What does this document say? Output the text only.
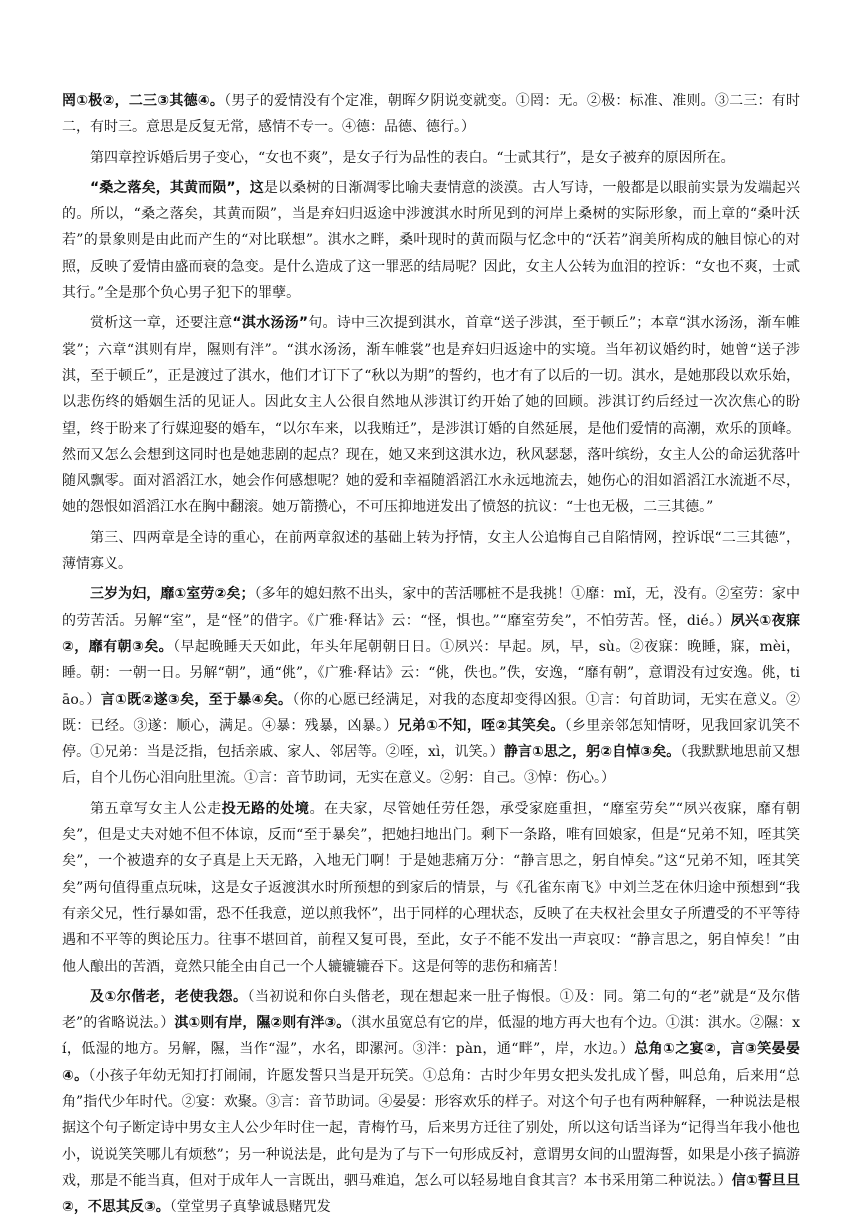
罔①极②，二三③其德④。（男子的爱情没有个定准，朝晖夕阴说变就变。①罔：无。②极：标准、准则。③二三：有时二，有时三。意思是反复无常，感情不专一。④德：品德、德行。）

第四章控诉婚后男子变心，“女也不爽”，是女子行为品性的表白。“士贰其行”，是女子被弃的原因所在。

“桑之落矣，其黄而陨”，这是以桑树的日渐凋零比喻夫妻情意的淡漠。古人写诗，一般都是以眼前实景为发端起兴的。所以，“桑之落矣，其黄而陨”，当是弃妇归返途中涉渡淇水时所见到的河岸上桑树的实际形象，而上章的“桑叶沃若”的景象则是由此而产生的“对比联想”。淇水之畔，桑叶现时的黄而陨与忆念中的“沃若”润美所构成的触目惊心的对照，反映了爱情由盛而衰的急变。是什么造成了这一罪恶的结局呢？因此，女主人公转为血泪的控诉：“女也不爽，士贰其行。”全是那个负心男子犯下的罪孽。

赏析这一章，还要注意“淇水汤汤”句。诗中三次提到淇水，首章“送子涉淇，至于顿丘”；本章“淇水汤汤，渐车帷裳”；六章“淇则有岸，隰则有泮”。“淇水汤汤，渐车帷裳”也是弃妇归返途中的实境。当年初议婚约时，她曾“送子涉淇，至于顿丘”，正是渡过了淇水，他们才订下了“秋以为期”的誓约，也才有了以后的一切。淇水，是她那段以欢乐始，以悲伤终的婚姻生活的见证人。因此女主人公很自然地从涉淇订约开始了她的回顾。涉淇订约后经过一次次焦心的盼望，终于盼来了行媒迎娶的婚车，“以尔车来，以我贿迁”，是涉淇订婚的自然延展，是他们爱情的高潮，欢乐的顶峰。然而又怎么会想到这同时也是她悲剧的起点？现在，她又来到这淇水边，秋风瑟瑟，落叶缤纷，女主人公的命运犹落叶随风飘零。面对滔滔江水，她会作何感想呢？她的爱和幸福随滔滔江水永远地流去，她伤心的泪如滔滔江水流逝不尽，她的怨恨如滔滔江水在胸中翻滚。她万箭攒心，不可压抑地迸发出了愤怒的抗议：“士也无极，二三其德。”

第三、四两章是全诗的重心，在前两章叙述的基础上转为抒情，女主人公追悔自己自陷情网，控诉氓“二三其德”，薄情寡义。

三岁为妇，靡①室劳②矣；（多年的媳妇熬不出头，家中的苦活哪桩不是我挑！①靡：mǐ，无，没有。②室劳：家中的劳苦活。另解“室”，是“怪”的借字。《广雅·释诂》云：“怪，惧也。”“靡室劳矣”，不怕劳苦。怪，dié。）夙兴①夜寐②，靡有朝③矣。（早起晚睡天天如此，年头年尾朝朝日日。①夙兴：早起。夙，早，sù。②夜寐：晚睡，寐，mèi，睡。朝：一朝一日。另解“朝”，通“佻”，《广雅·释诂》云：“佻，佚也。”佚，安逸，“靡有朝”，意谓没有过安逸。佻，tiāo。）言①既②遂③矣，至于暴④矣。（你的心愿已经满足，对我的态度却变得凶狠。①言：句首助词，无实在意义。②既：已经。③遂：顺心，满足。④暴：残暴，凶暴。）兄弟①不知，咥②其笑矣。（乡里亲邻怎知情呀，见我回家讥笑不停。①兄弟：当是泛指，包括亲戚、家人、邻居等。②咥，xì，讥笑。）静言①思之，躬②自悼③矣。（我默默地思前又想后，自个儿伤心泪向肚里流。①言：音节助词，无实在意义。②躬：自己。③悼：伤心。）

第五章写女主人公走投无路的处境。在夫家，尽管她任劳任怨，承受家庭重担，“靡室劳矣”“夙兴夜寐，靡有朝矣”，但是丈夫对她不但不体谅，反而“至于暴矣”，把她扫地出门。剩下一条路，唯有回娘家，但是“兄弟不知，咥其笑矣”，一个被遗弃的女子真是上天无路，入地无门啊！于是她悲痛万分：“静言思之，躬自悼矣。”这“兄弟不知，咥其笑矣”两句值得重点玩味，这是女子返渡淇水时所预想的到家后的情景，与《孔雀东南飞》中刘兰芝在休归途中预想到“我有亲父兄，性行暴如雷，恐不任我意，逆以煎我怀”，出于同样的心理状态，反映了在夫权社会里女子所遭受的不平等待遇和不平等的舆论压力。往事不堪回首，前程又复可畏，至此，女子不能不发出一声哀叹：“静言思之，躬自悼矣！”由他人酿出的苦酒，竟然只能全由自己一个人辘辘辘吞下。这是何等的悲伤和痛苦！

及①尔偕老，老使我怨。（当初说和你白头偕老，现在想起来一肚子悔恨。①及：同。第二句的“老”就是“及尔偕老”的省略说法。）淇①则有岸，隰②则有泮③。（淇水虽宽总有它的岸，低湿的地方再大也有个边。①淇：淇水。②隰：xí，低湿的地方。另解，隰，当作“湿”，水名，即漯河。③泮：pàn，通“畔”，岸，水边。）总角①之宴②，言③笑晏晏④。（小孩子年幼无知打打闹闹，许愿发誓只当是开玩笑。①总角：古时少年男女把头发扎成丫髻，叫总角，后来用“总角”指代少年时代。②宴：欢聚。③言：音节助词。④晏晏：形容欢乐的样子。对这个句子也有两种解释，一种说法是根据这个句子断定诗中男女主人公少年时住一起，青梅竹马，后来男方迁往了别处，所以这句话当译为“记得当年我小他也小，说说笑笑哪儿有烦愁”；另一种说法是，此句是为了与下一句形成反衬，意谓男女间的山盟海誓，如果是小孩子搞游戏，那是不能当真，但对于成年人一言既出，驷马难追，怎么可以轻易地自食其言？本书采用第二种说法。）信①誓旦旦②，不思其反③。（堂堂男子真挚诚恳赌咒发
